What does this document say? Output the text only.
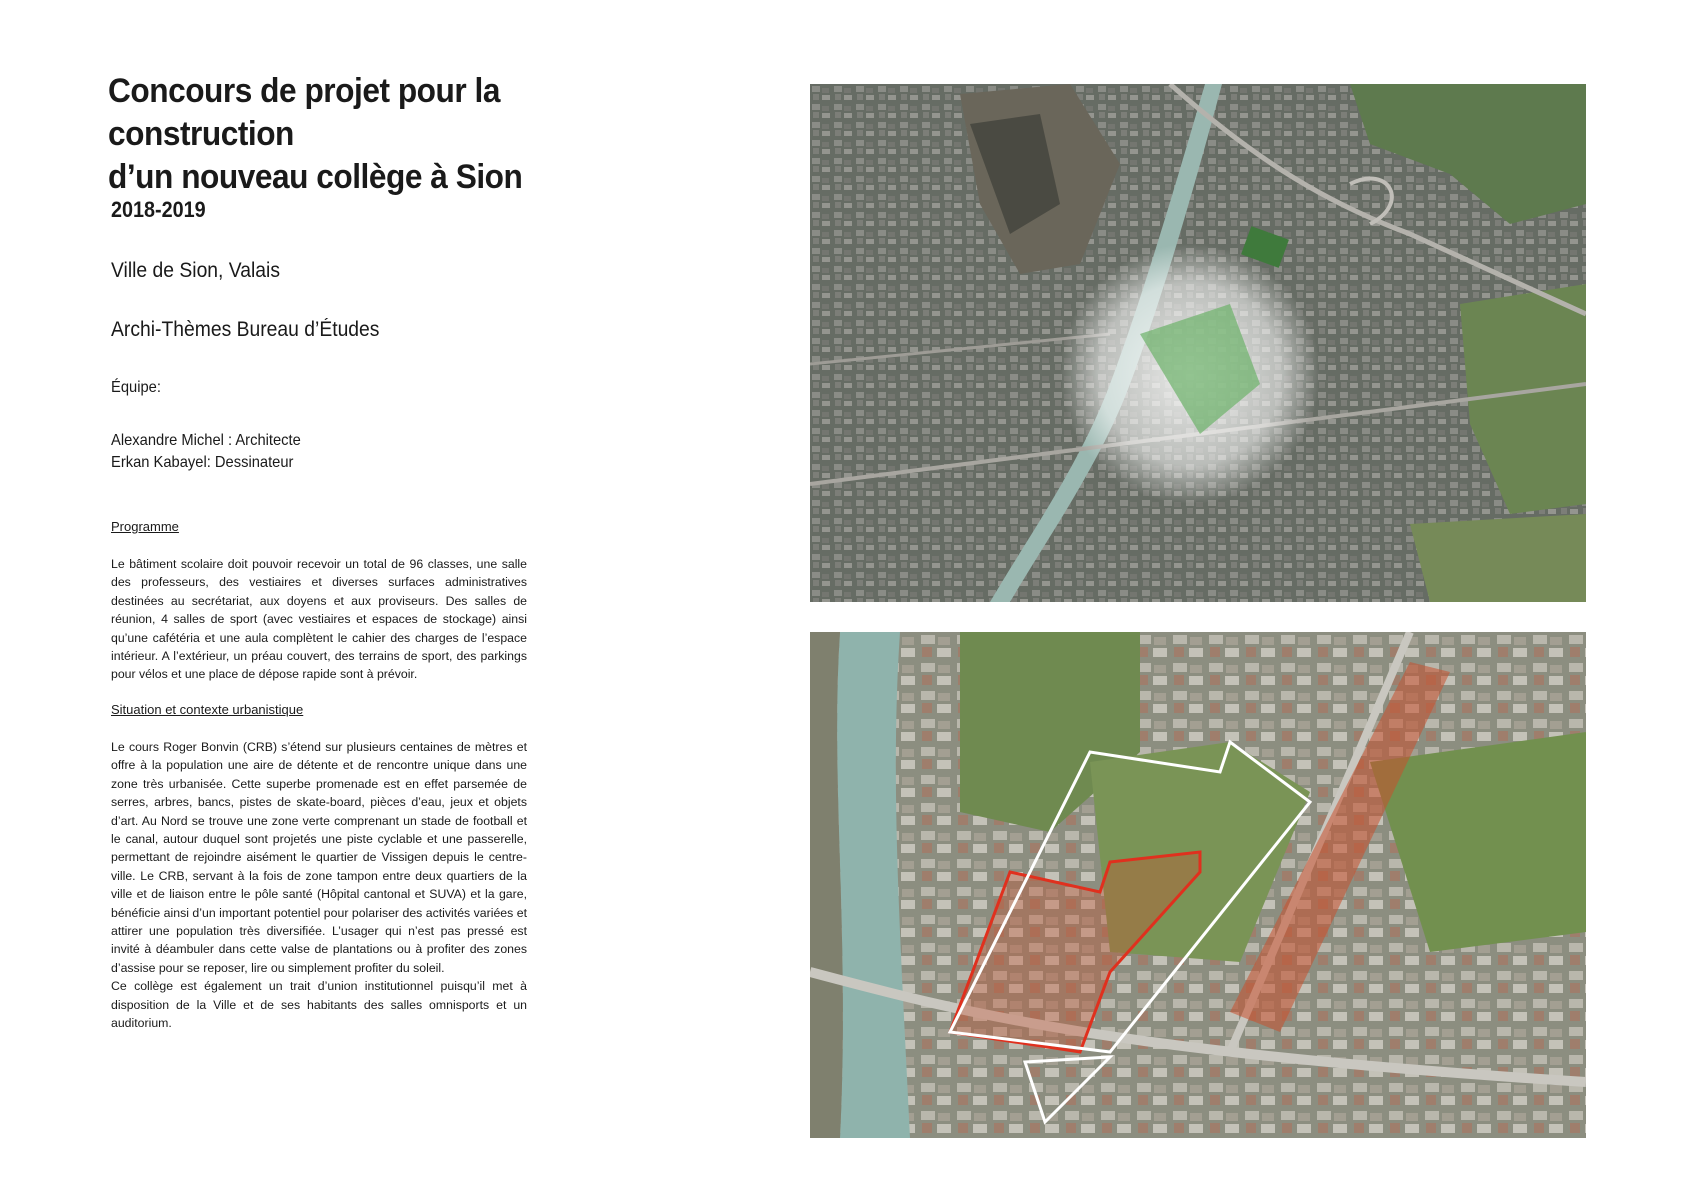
Concours de projet pour la construction
d’un nouveau collège à Sion
2018-2019
Ville de Sion, Valais
Archi-Thèmes Bureau d’Études
Équipe:
Alexandre Michel : Architecte
Erkan Kabayel: Dessinateur
Programme

Le bâtiment scolaire doit pouvoir recevoir un total de 96 classes, une salle des professeurs, des vestiaires et diverses surfaces administratives destinées au secrétariat, aux doyens et aux proviseurs. Des salles de réunion, 4 salles de sport (avec vestiaires et espaces de stockage) ainsi qu’une cafétéria et une aula complètent le cahier des charges de l’espace intérieur. A l’extérieur, un préau couvert, des terrains de sport, des parkings pour vélos et une place de dépose rapide sont à prévoir.

Situation et contexte urbanistique

Le cours Roger Bonvin (CRB) s’étend sur plusieurs centaines de mètres et offre à la population une aire de détente et de rencontre unique dans une zone très urbanisée. Cette superbe promenade est en effet parsemée de serres, arbres, bancs, pistes de skate-board, pièces d’eau, jeux et objets d’art. Au Nord se trouve une zone verte comprenant un stade de football et le canal, autour duquel sont projetés une piste cyclable et une passerelle, permettant de rejoindre aisément le quartier de Vissigen depuis le centre-ville. Le CRB, servant à la fois de zone tampon entre deux quartiers de la ville et de liaison entre le pôle santé (Hôpital cantonal et SUVA) et la gare, bénéficie ainsi d’un important potentiel pour polariser des activités variées et attirer une population très diversifiée. L’usager qui n’est pas pressé est invité à déambuler dans cette valse de plantations ou à profiter des zones d’assise pour se reposer, lire ou simplement profiter du soleil.

Ce collège est également un trait d’union institutionnel puisqu’il met à disposition de la Ville et de ses habitants des salles omnisports et un auditorium.
